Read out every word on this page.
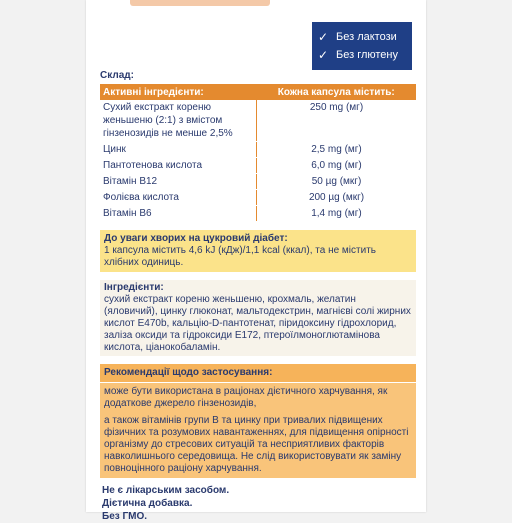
✓ Без лактози
✓ Без глютену
Склад:
Активні інгредієнти:	Кожна капсула містить:
Сухий екстракт кореню женьшеню (2:1) з вмістом гінзенозидів не менше 2,5%	250 mg (мг)
Цинк	2,5 mg (мг)
Пантотенова кислота	6,0 mg (мг)
Вітамін В12	50 µg (мкг)
Фолієва кислота	200 µg (мкг)
Вітамін В6	1,4 mg (мг)
До уваги хворих на цукровий діабет:
1 капсула містить 4,6 kJ (кДж)/1,1 kcal (ккал), та не містить хлібних одиниць.
Інгредієнти:
сухий екстракт кореню женьшеню, крохмаль, желатин (яловичий), цинку глюконат, мальтодекстрин, магнієві солі жирних кислот Е470b, кальцію-D-пантотенат, піридоксину гідрохлорид, заліза оксиди та гідроксиди Е172, птероїлмоноглютамінова кислота, ціанокобаламін.
Рекомендації щодо застосування:

може бути використана в раціонах дієтичного харчування, як додаткове джерело гінзенозидів,

а також вітамінів групи В та цинку при тривалих підвищених фізичних та розумових навантаженнях, для підвищення опірності організму до стресових ситуацій та несприятливих факторів навколишнього середовища. Не слід використовувати як заміну повноцінного раціону харчування.

Не є лікарським засобом.
Дієтична добавка.
Без ГМО.
